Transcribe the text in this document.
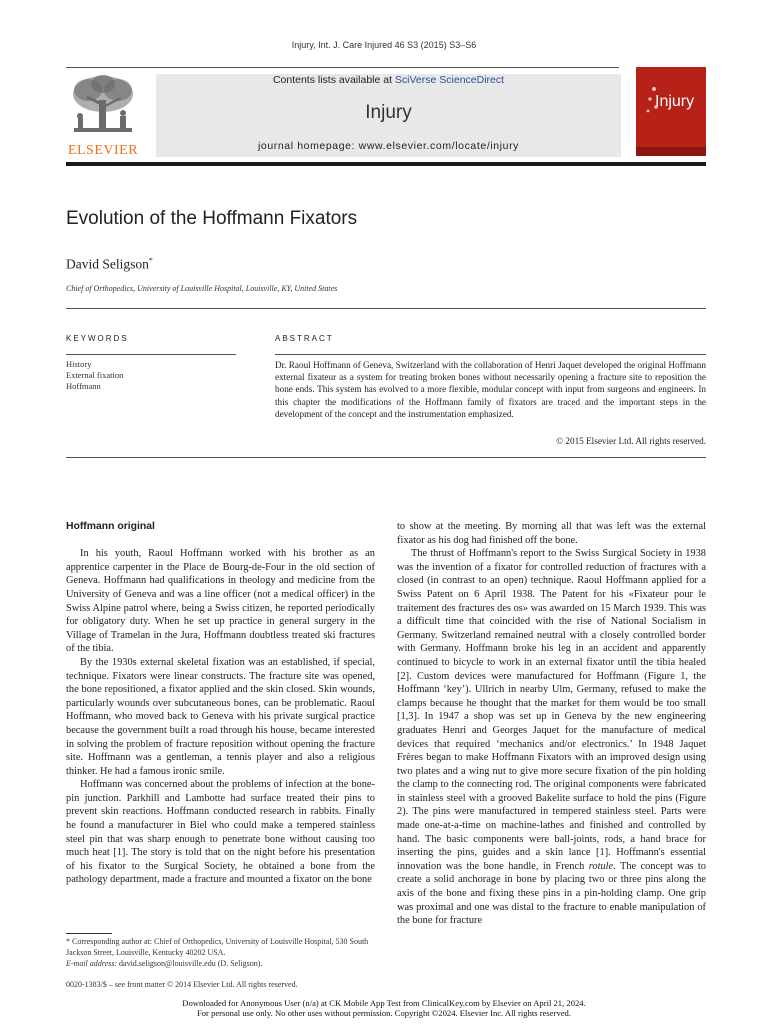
Injury, Int. J. Care Injured 46 S3 (2015) S3–S6
ELSEVIER
Contents lists available at SciVerse ScienceDirect
Injury
journal homepage: www.elsevier.com/locate/injury
Injury
Evolution of the Hoffmann Fixators
David Seligson*
Chief of Orthopedics, University of Louisville Hospital, Louisville, KY, United States
KEYWORDS	ABSTRACT
History
External fixation
Hoffmann
Dr. Raoul Hoffmann of Geneva, Switzerland with the collaboration of Henri Jaquet developed the original Hoffmann external fixateur as a system for treating broken bones without necessarily opening a fracture site to reposition the bone ends. This system has evolved to a more flexible, modular concept with input from surgeons and engineers. In this chapter the modifications of the Hoffmann family of fixators are traced and the important steps in the development of the concept and the instrumentation emphasized.
© 2015 Elsevier Ltd. All rights reserved.
Hoffmann original

In his youth, Raoul Hoffmann worked with his brother as an apprentice carpenter in the Place de Bourg-de-Four in the old section of Geneva. Hoffmann had qualifications in theology and medicine from the University of Geneva and was a line officer (not a medical officer) in the Swiss Alpine patrol where, being a Swiss citizen, he reported periodically for obligatory duty. When he set up practice in general surgery in the Village of Tramelan in the Jura, Hoffmann doubtless treated ski fractures of the tibia.

By the 1930s external skeletal fixation was an established, if special, technique. Fixators were linear constructs. The fracture site was opened, the bone repositioned, a fixator applied and the skin closed. Skin wounds, particularly wounds over subcutaneous bones, can be problematic. Raoul Hoffmann, who moved back to Geneva with his private surgical practice because the government built a road through his house, became interested in solving the problem of fracture reposition without opening the fracture site. Hoffmann was a gentleman, a tennis player and also a religious thinker. He had a famous ironic smile.

Hoffmann was concerned about the problems of infection at the bone-pin junction. Parkhill and Lambotte had surface treated their pins to prevent skin reactions. Hoffmann conducted research in rabbits. Finally he found a manufacturer in Biel who could make a tempered stainless steel pin that was sharp enough to penetrate bone without causing too much heat [1]. The story is told that on the night before his presentation of his fixator to the Surgical Society, he obtained a bone from the pathology department, made a fracture and mounted a fixator on the bone

to show at the meeting. By morning all that was left was the external fixator as his dog had finished off the bone.

The thrust of Hoffmann's report to the Swiss Surgical Society in 1938 was the invention of a fixator for controlled reduction of fractures with a closed (in contrast to an open) technique. Raoul Hoffmann applied for a Swiss Patent on 6 April 1938. The Patent for his «Fixateur pour le traitement des fractures des os» was awarded on 15 March 1939. This was a difficult time that coincided with the rise of National Socialism in Germany. Switzerland remained neutral with a closely controlled border with Germany. Hoffmann broke his leg in an accident and apparently continued to bicycle to work in an external fixator until the tibia healed [2]. Custom devices were manufactured for Hoffmann (Figure 1, the Hoffmann ‘key’). Ullrich in nearby Ulm, Germany, refused to make the clamps because he thought that the market for them would be too small [1,3]. In 1947 a shop was set up in Geneva by the new engineering graduates Henri and Georges Jaquet for the manufacture of medical devices that required ‘mechanics and/or electronics.’ In 1948 Jaquet Frères began to make Hoffmann Fixators with an improved design using two plates and a wing nut to give more secure fixation of the pin holding the clamp to the connecting rod. The original components were fabricated in stainless steel with a grooved Bakelite surface to hold the pins (Figure 2). The pins were manufactured in tempered stainless steel. Parts were made one-at-a-time on machine-lathes and finished and controlled by hand. The basic components were ball-joints, rods, a hand brace for inserting the pins, guides and a skin lance [1]. Hoffmann's essential innovation was the bone handle, in French rotule. The concept was to create a solid anchorage in bone by placing two or three pins along the axis of the bone and fixing these pins in a pin-holding clamp. One grip was proximal and one was distal to the fracture to enable manipulation of the bone for fracture

* Corresponding author at: Chief of Orthopedics, University of Louisville Hospital, 530 South Jackson Street, Louisville, Kentucky 40202 USA.
E-mail address: david.seligson@louisville.edu (D. Seligson).
0020-1383/$ – see front matter © 2014 Elsevier Ltd. All rights reserved.
Downloaded for Anonymous User (n/a) at CK Mobile App Test from ClinicalKey.com by Elsevier on April 21, 2024.
For personal use only. No other uses without permission. Copyright ©2024. Elsevier Inc. All rights reserved.
